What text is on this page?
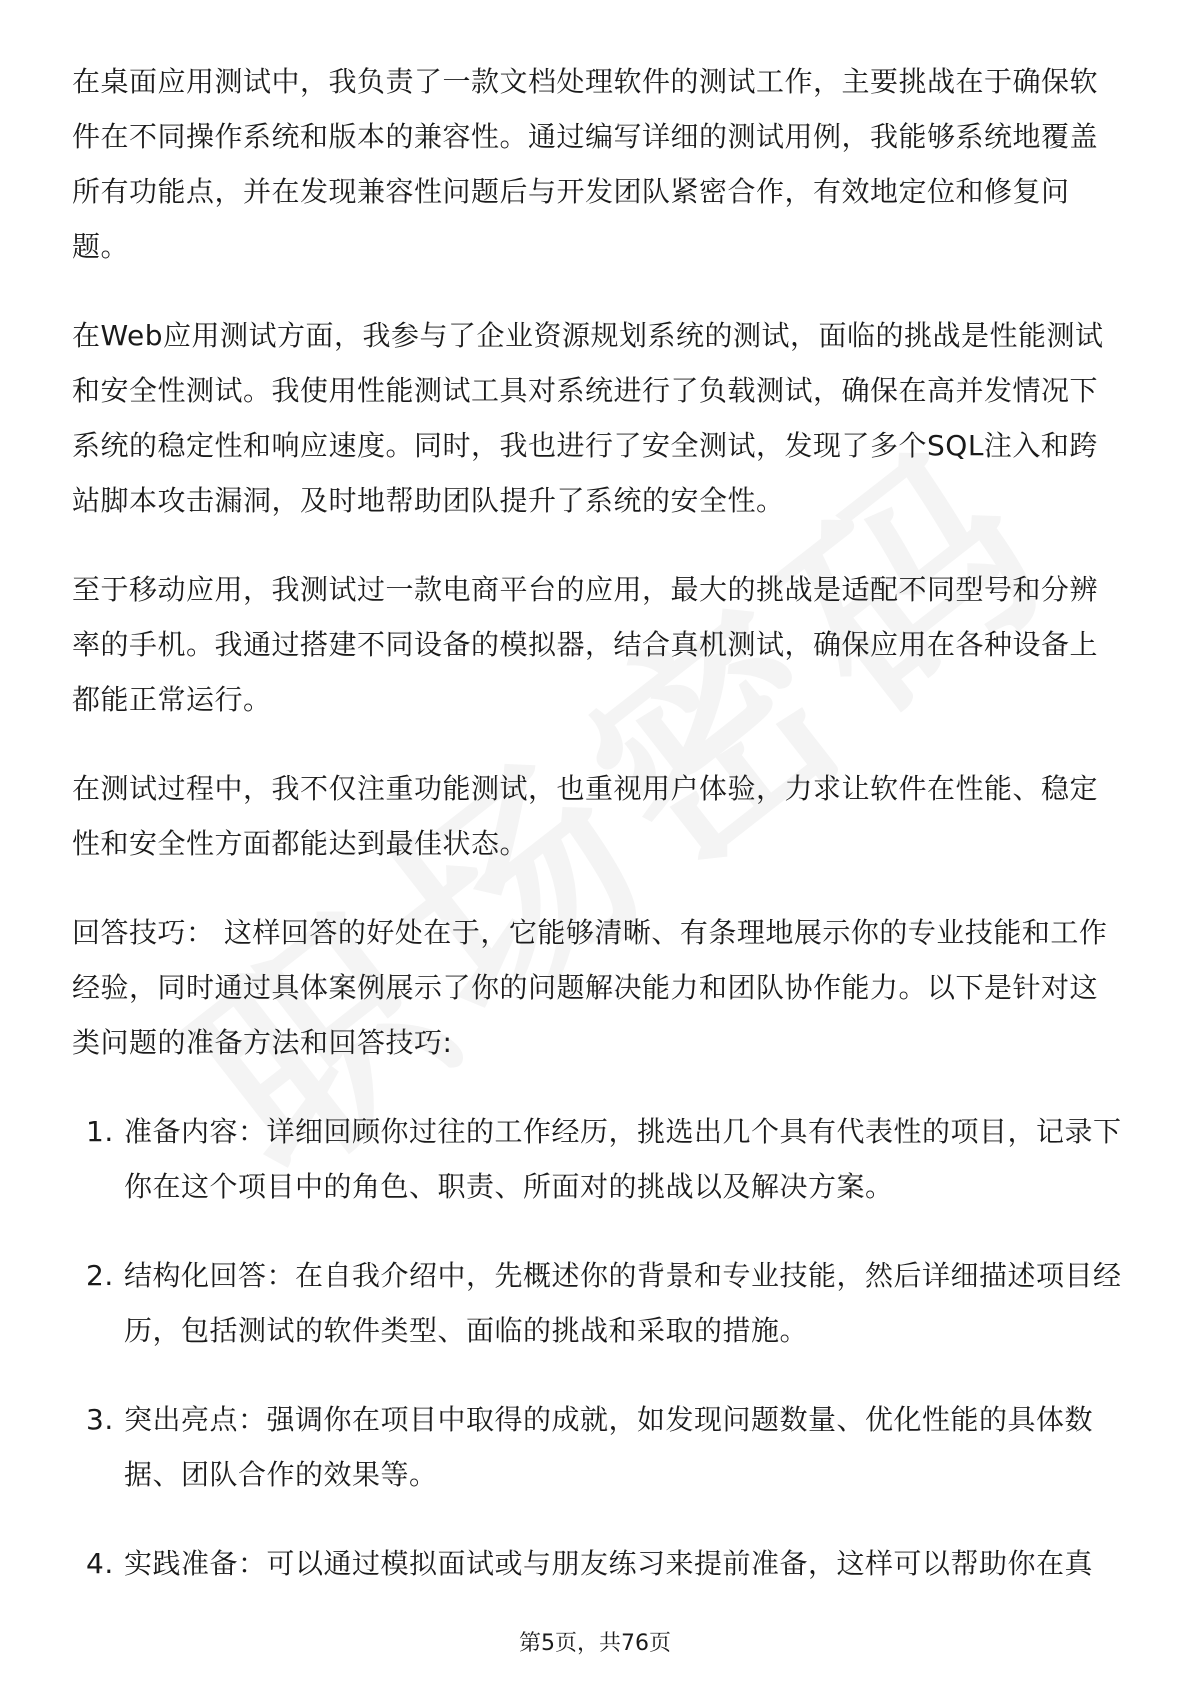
在桌面应用测试中，我负责了一款文档处理软件的测试工作，主要挑战在于确保软件在不同操作系统和版本的兼容性。通过编写详细的测试用例，我能够系统地覆盖所有功能点，并在发现兼容性问题后与开发团队紧密合作，有效地定位和修复问题。

在Web应用测试方面，我参与了企业资源规划系统的测试，面临的挑战是性能测试和安全性测试。我使用性能测试工具对系统进行了负载测试，确保在高并发情况下系统的稳定性和响应速度。同时，我也进行了安全测试，发现了多个SQL注入和跨站脚本攻击漏洞，及时地帮助团队提升了系统的安全性。

至于移动应用，我测试过一款电商平台的应用，最大的挑战是适配不同型号和分辨率的手机。我通过搭建不同设备的模拟器，结合真机测试，确保应用在各种设备上都能正常运行。

在测试过程中，我不仅注重功能测试，也重视用户体验，力求让软件在性能、稳定性和安全性方面都能达到最佳状态。

回答技巧： 这样回答的好处在于，它能够清晰、有条理地展示你的专业技能和工作经验，同时通过具体案例展示了你的问题解决能力和团队协作能力。以下是针对这类问题的准备方法和回答技巧:

1. 准备内容：详细回顾你过往的工作经历，挑选出几个具有代表性的项目，记录下你在这个项目中的角色、职责、所面对的挑战以及解决方案。
2. 结构化回答：在自我介绍中，先概述你的背景和专业技能，然后详细描述项目经历，包括测试的软件类型、面临的挑战和采取的措施。
3. 突出亮点：强调你在项目中取得的成就，如发现问题数量、优化性能的具体数据、团队合作的效果等。
4. 实践准备：可以通过模拟面试或与朋友练习来提前准备，这样可以帮助你在真
第5页，共76页
